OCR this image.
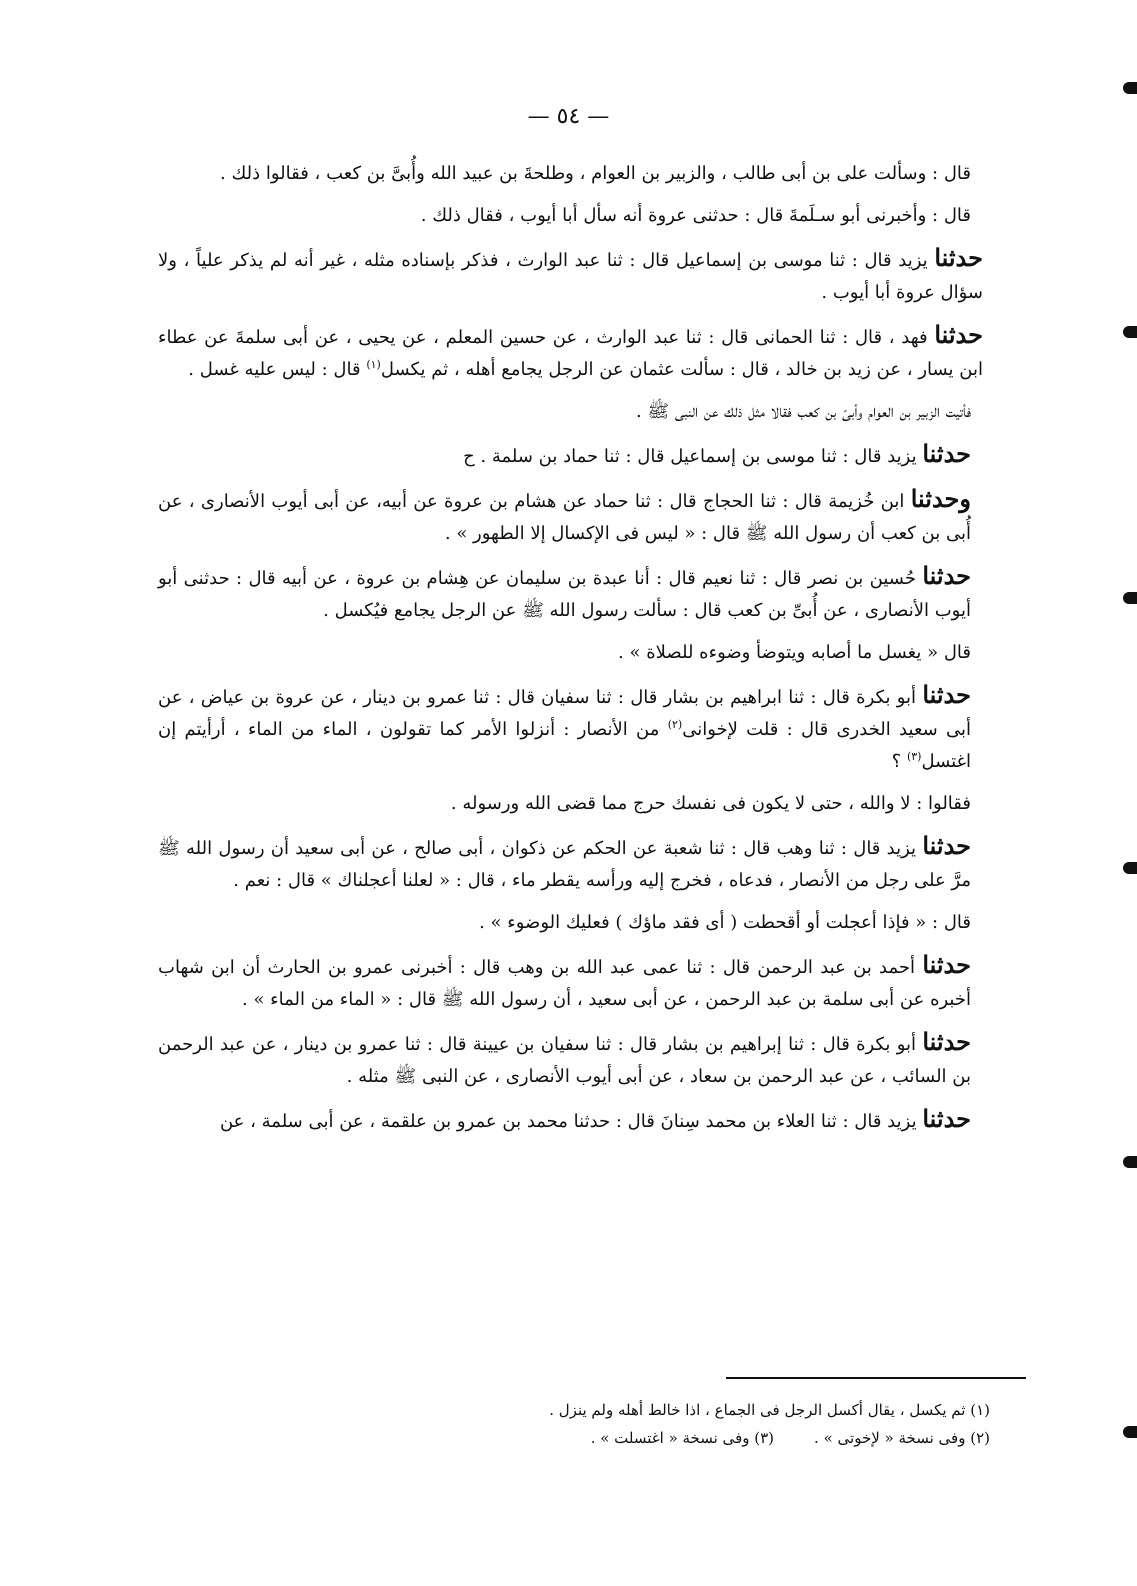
— ٥٤ —

قال : وسألت على بن أبى طالب ، والزبير بن العوام ، وطلحةَ بن عبيد الله وأُبىَّ بن كعب ، فقالوا ذلك .

قال : وأخبرنى أبو سـلَمةَ قال : حدثنى عروة أنه سأل أبا أيوب ، فقال ذلك .

حدثنا يزيد قال : ثنا موسى بن إسماعيل قال : ثنا عبد الوارث ، فذكر بإسناده مثله ، غير أنه لم يذكر علياً ، ولا سؤال عروة أبا أيوب .

حدثنا فهد ، قال : ثنا الحمانى قال : ثنا عبد الوارث ، عن حسين المعلم ، عن يحيى ، عن أبى سلمةَ عن عطاء ابن يسار ، عن زيد بن خالد ، قال : سألت عثمان عن الرجل يجامع أهله ، ثم يكسل$^{(١)}$ قال : ليس عليه غسل .

فأتيت الزبير بن العوام وأبىّ بن كعب فقالا مثل ذلك عن النبى ﷺ .

حدثنا يزيد قال : ثنا موسى بن إسماعيل قال : ثنا حماد بن سلمة . ح

وحدثنا ابن خُزيمة قال : ثنا الحجاج قال : ثنا حماد عن هشام بن عروة عن أبيه، عن أبى أيوب الأنصارى ، عن أُبى بن كعب أن رسول الله ﷺ قال : « ليس فى الإكسال إلا الطهور » .

حدثنا حُسين بن نصر قال : ثنا نعيم قال : أنا عبدة بن سليمان عن هِشام بن عروة ، عن أبيه قال : حدثنى أبو أيوب الأنصارى ، عن أُبىِّ بن كعب قال : سألت رسول الله ﷺ عن الرجل يجامع فيُكسل .

قال « يغسل ما أصابه ويتوضأ وضوءه للصلاة » .

حدثنا أبو بكرة قال : ثنا ابراهيم بن بشار قال : ثنا سفيان قال : ثنا عمرو بن دينار ، عن عروة بن عياض ، عن أبى سعيد الخدرى قال : قلت لإخوانى$^{(٢)}$ من الأنصار : أنزلوا الأمر كما تقولون ، الماء من الماء ، أرأيتم إن اغتسل$^{(٣)}$ ؟

فقالوا : لا والله ، حتى لا يكون فى نفسك حرج مما قضى الله ورسوله .

حدثنا يزيد قال : ثنا وهب قال : ثنا شعبة عن الحكم عن ذكوان ، أبى صالح ، عن أبى سعيد أن رسول الله ﷺ مرَّ على رجل من الأنصار ، فدعاه ، فخرج إليه ورأسه يقطر ماء ، قال : « لعلنا أعجلناك » قال : نعم .

قال : « فإذا أعجلت أو أقحطت ( أى فقد ماؤك ) فعليك الوضوء » .

حدثنا أحمد بن عبد الرحمن قال : ثنا عمى عبد الله بن وهب قال : أخبرنى عمرو بن الحارث أن ابن شهاب أخبره عن أبى سلمة بن عبد الرحمن ، عن أبى سعيد ، أن رسول الله ﷺ قال : « الماء من الماء » .

حدثنا أبو بكرة قال : ثنا إبراهيم بن بشار قال : ثنا سفيان بن عيينة قال : ثنا عمرو بن دينار ، عن عبد الرحمن بن السائب ، عن عبد الرحمن بن سعاد ، عن أبى أيوب الأنصارى ، عن النبى ﷺ مثله .

حدثنا يزيد قال : ثنا العلاء بن محمد سِنانَ قال : حدثنا محمد بن عمرو بن علقمة ، عن أبى سلمة ، عن

(١) ثم يكسل ، يقال أكسل الرجل فى الجماع ، اذا خالط أهله ولم ينزل .
(٢) وفى نسخة « لإخوتى » .(٣) وفى نسخة « اغتسلت » .
